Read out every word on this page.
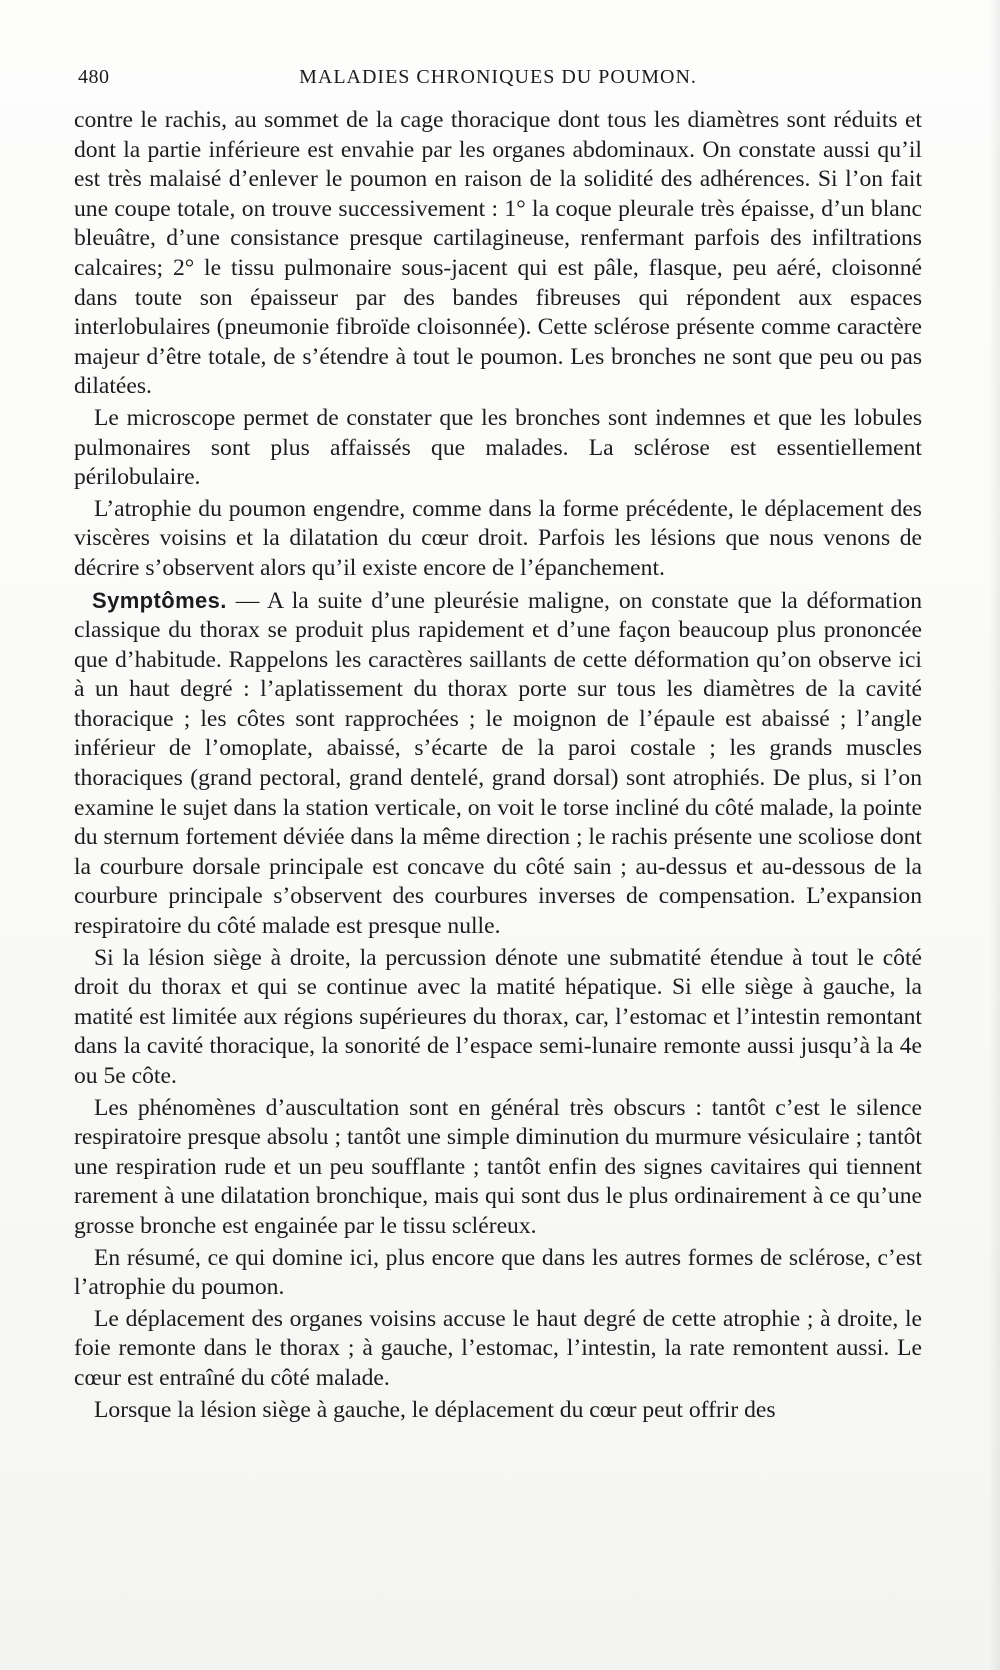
480	MALADIES CHRONIQUES DU POUMON.

contre le rachis, au sommet de la cage thoracique dont tous les diamètres sont réduits et dont la partie inférieure est envahie par les organes abdominaux. On constate aussi qu’il est très malaisé d’enlever le poumon en raison de la solidité des adhérences. Si l’on fait une coupe totale, on trouve successivement : 1° la coque pleurale très épaisse, d’un blanc bleuâtre, d’une consistance presque cartilagineuse, renfermant parfois des infiltrations calcaires; 2° le tissu pulmonaire sous-jacent qui est pâle, flasque, peu aéré, cloisonné dans toute son épaisseur par des bandes fibreuses qui répondent aux espaces interlobulaires (pneumonie fibroïde cloisonnée). Cette sclérose présente comme caractère majeur d’être totale, de s’étendre à tout le poumon. Les bronches ne sont que peu ou pas dilatées.

Le microscope permet de constater que les bronches sont indemnes et que les lobules pulmonaires sont plus affaissés que malades. La sclérose est essentiellement périlobulaire.

L’atrophie du poumon engendre, comme dans la forme précédente, le déplacement des viscères voisins et la dilatation du cœur droit. Parfois les lésions que nous venons de décrire s’observent alors qu’il existe encore de l’épanchement.

Symptômes. — A la suite d’une pleurésie maligne, on constate que la déformation classique du thorax se produit plus rapidement et d’une façon beaucoup plus prononcée que d’habitude. Rappelons les caractères saillants de cette déformation qu’on observe ici à un haut degré : l’aplatissement du thorax porte sur tous les diamètres de la cavité thoracique ; les côtes sont rapprochées ; le moignon de l’épaule est abaissé ; l’angle inférieur de l’omoplate, abaissé, s’écarte de la paroi costale ; les grands muscles thoraciques (grand pectoral, grand dentelé, grand dorsal) sont atrophiés. De plus, si l’on examine le sujet dans la station verticale, on voit le torse incliné du côté malade, la pointe du sternum fortement déviée dans la même direction ; le rachis présente une scoliose dont la courbure dorsale principale est concave du côté sain ; au-dessus et au-dessous de la courbure principale s’observent des courbures inverses de compensation. L’expansion respiratoire du côté malade est presque nulle.

Si la lésion siège à droite, la percussion dénote une submatité étendue à tout le côté droit du thorax et qui se continue avec la matité hépatique. Si elle siège à gauche, la matité est limitée aux régions supérieures du thorax, car, l’estomac et l’intestin remontant dans la cavité thoracique, la sonorité de l’espace semi-lunaire remonte aussi jusqu’à la 4e ou 5e côte.

Les phénomènes d’auscultation sont en général très obscurs : tantôt c’est le silence respiratoire presque absolu ; tantôt une simple diminution du murmure vésiculaire ; tantôt une respiration rude et un peu soufflante ; tantôt enfin des signes cavitaires qui tiennent rarement à une dilatation bronchique, mais qui sont dus le plus ordinairement à ce qu’une grosse bronche est engainée par le tissu scléreux.

En résumé, ce qui domine ici, plus encore que dans les autres formes de sclérose, c’est l’atrophie du poumon.

Le déplacement des organes voisins accuse le haut degré de cette atrophie ; à droite, le foie remonte dans le thorax ; à gauche, l’estomac, l’intestin, la rate remontent aussi. Le cœur est entraîné du côté malade.

Lorsque la lésion siège à gauche, le déplacement du cœur peut offrir des
